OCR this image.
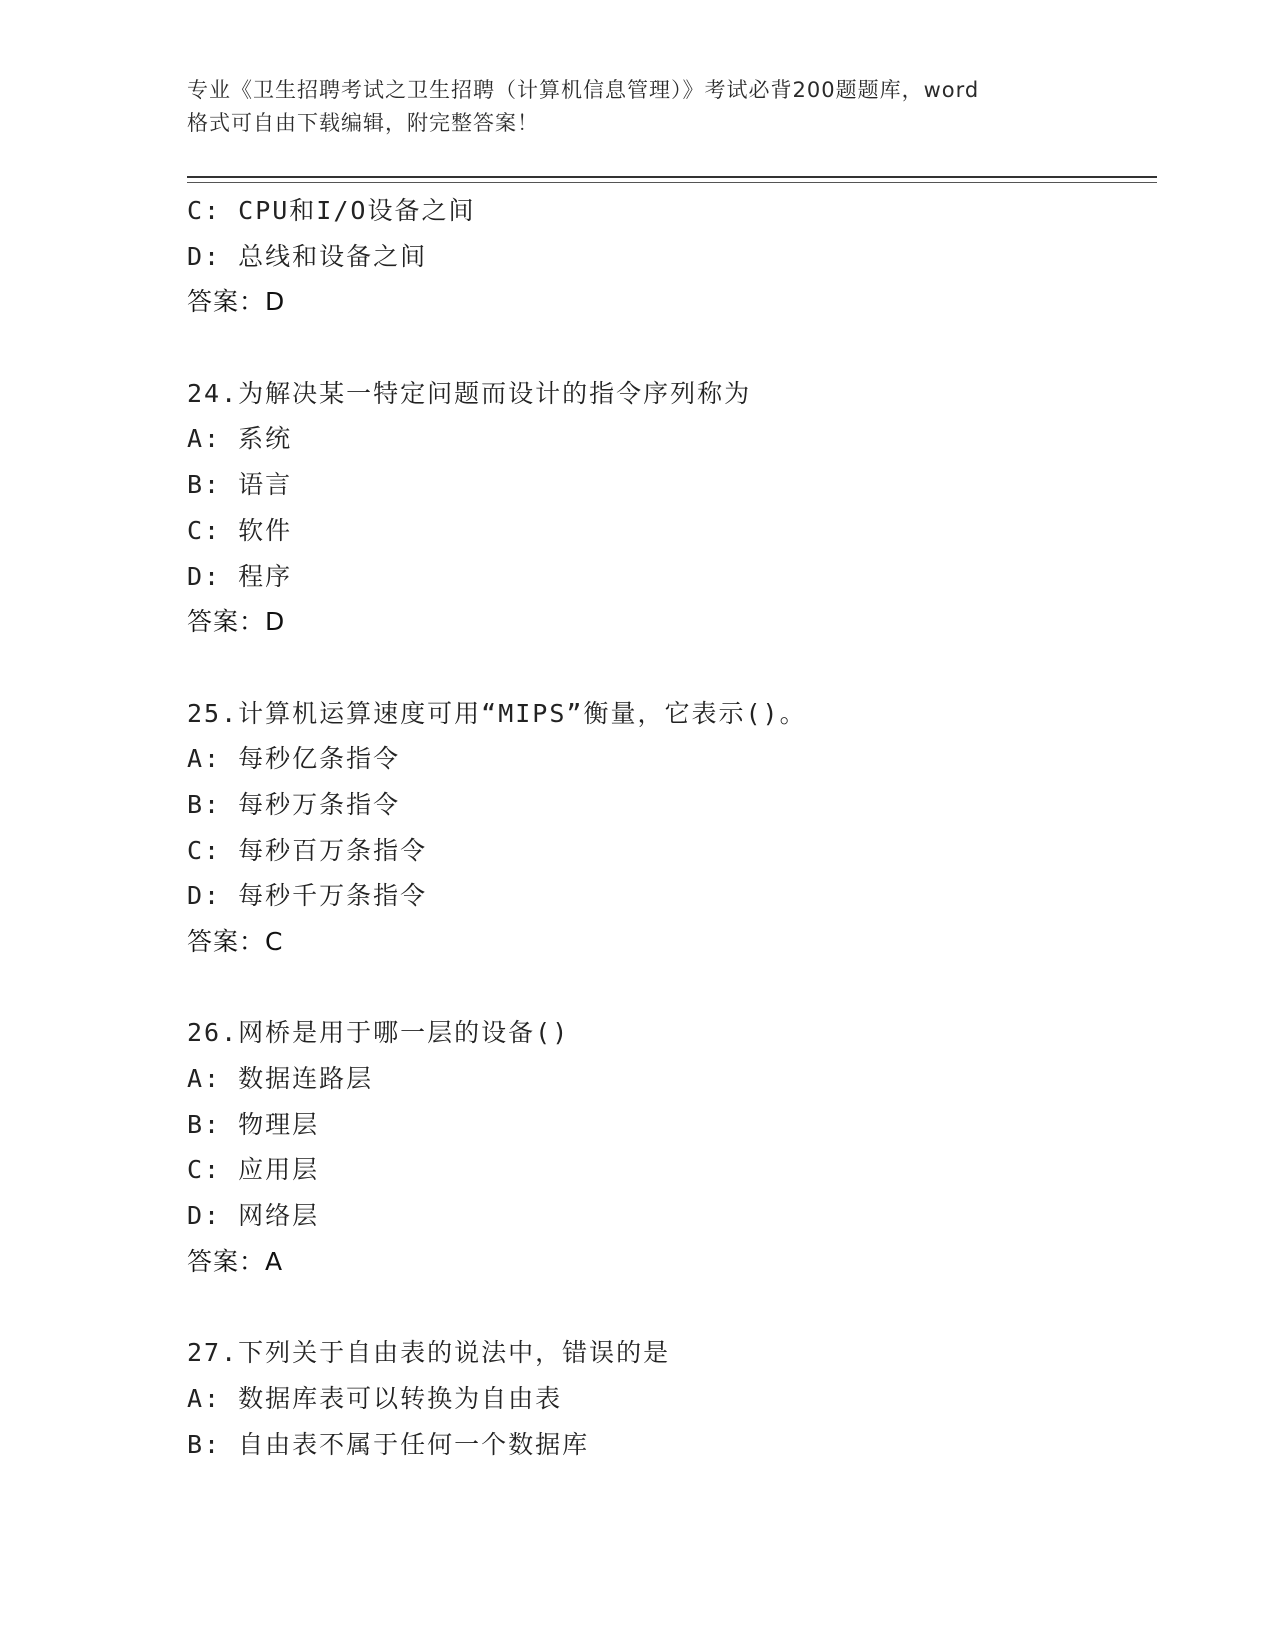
专业《卫生招聘考试之卫生招聘（计算机信息管理）》考试必背200题题库，word
格式可自由下载编辑，附完整答案！
C: CPU和I/O设备之间
D: 总线和设备之间
答案：D
24.为解决某一特定问题而设计的指令序列称为
A: 系统
B: 语言
C: 软件
D: 程序
答案：D
25.计算机运算速度可用“MIPS”衡量，它表示()。
A: 每秒亿条指令
B: 每秒万条指令
C: 每秒百万条指令
D: 每秒千万条指令
答案：C
26.网桥是用于哪一层的设备()
A: 数据连路层
B: 物理层
C: 应用层
D: 网络层
答案：A
27.下列关于自由表的说法中，错误的是
A: 数据库表可以转换为自由表
B: 自由表不属于任何一个数据库
